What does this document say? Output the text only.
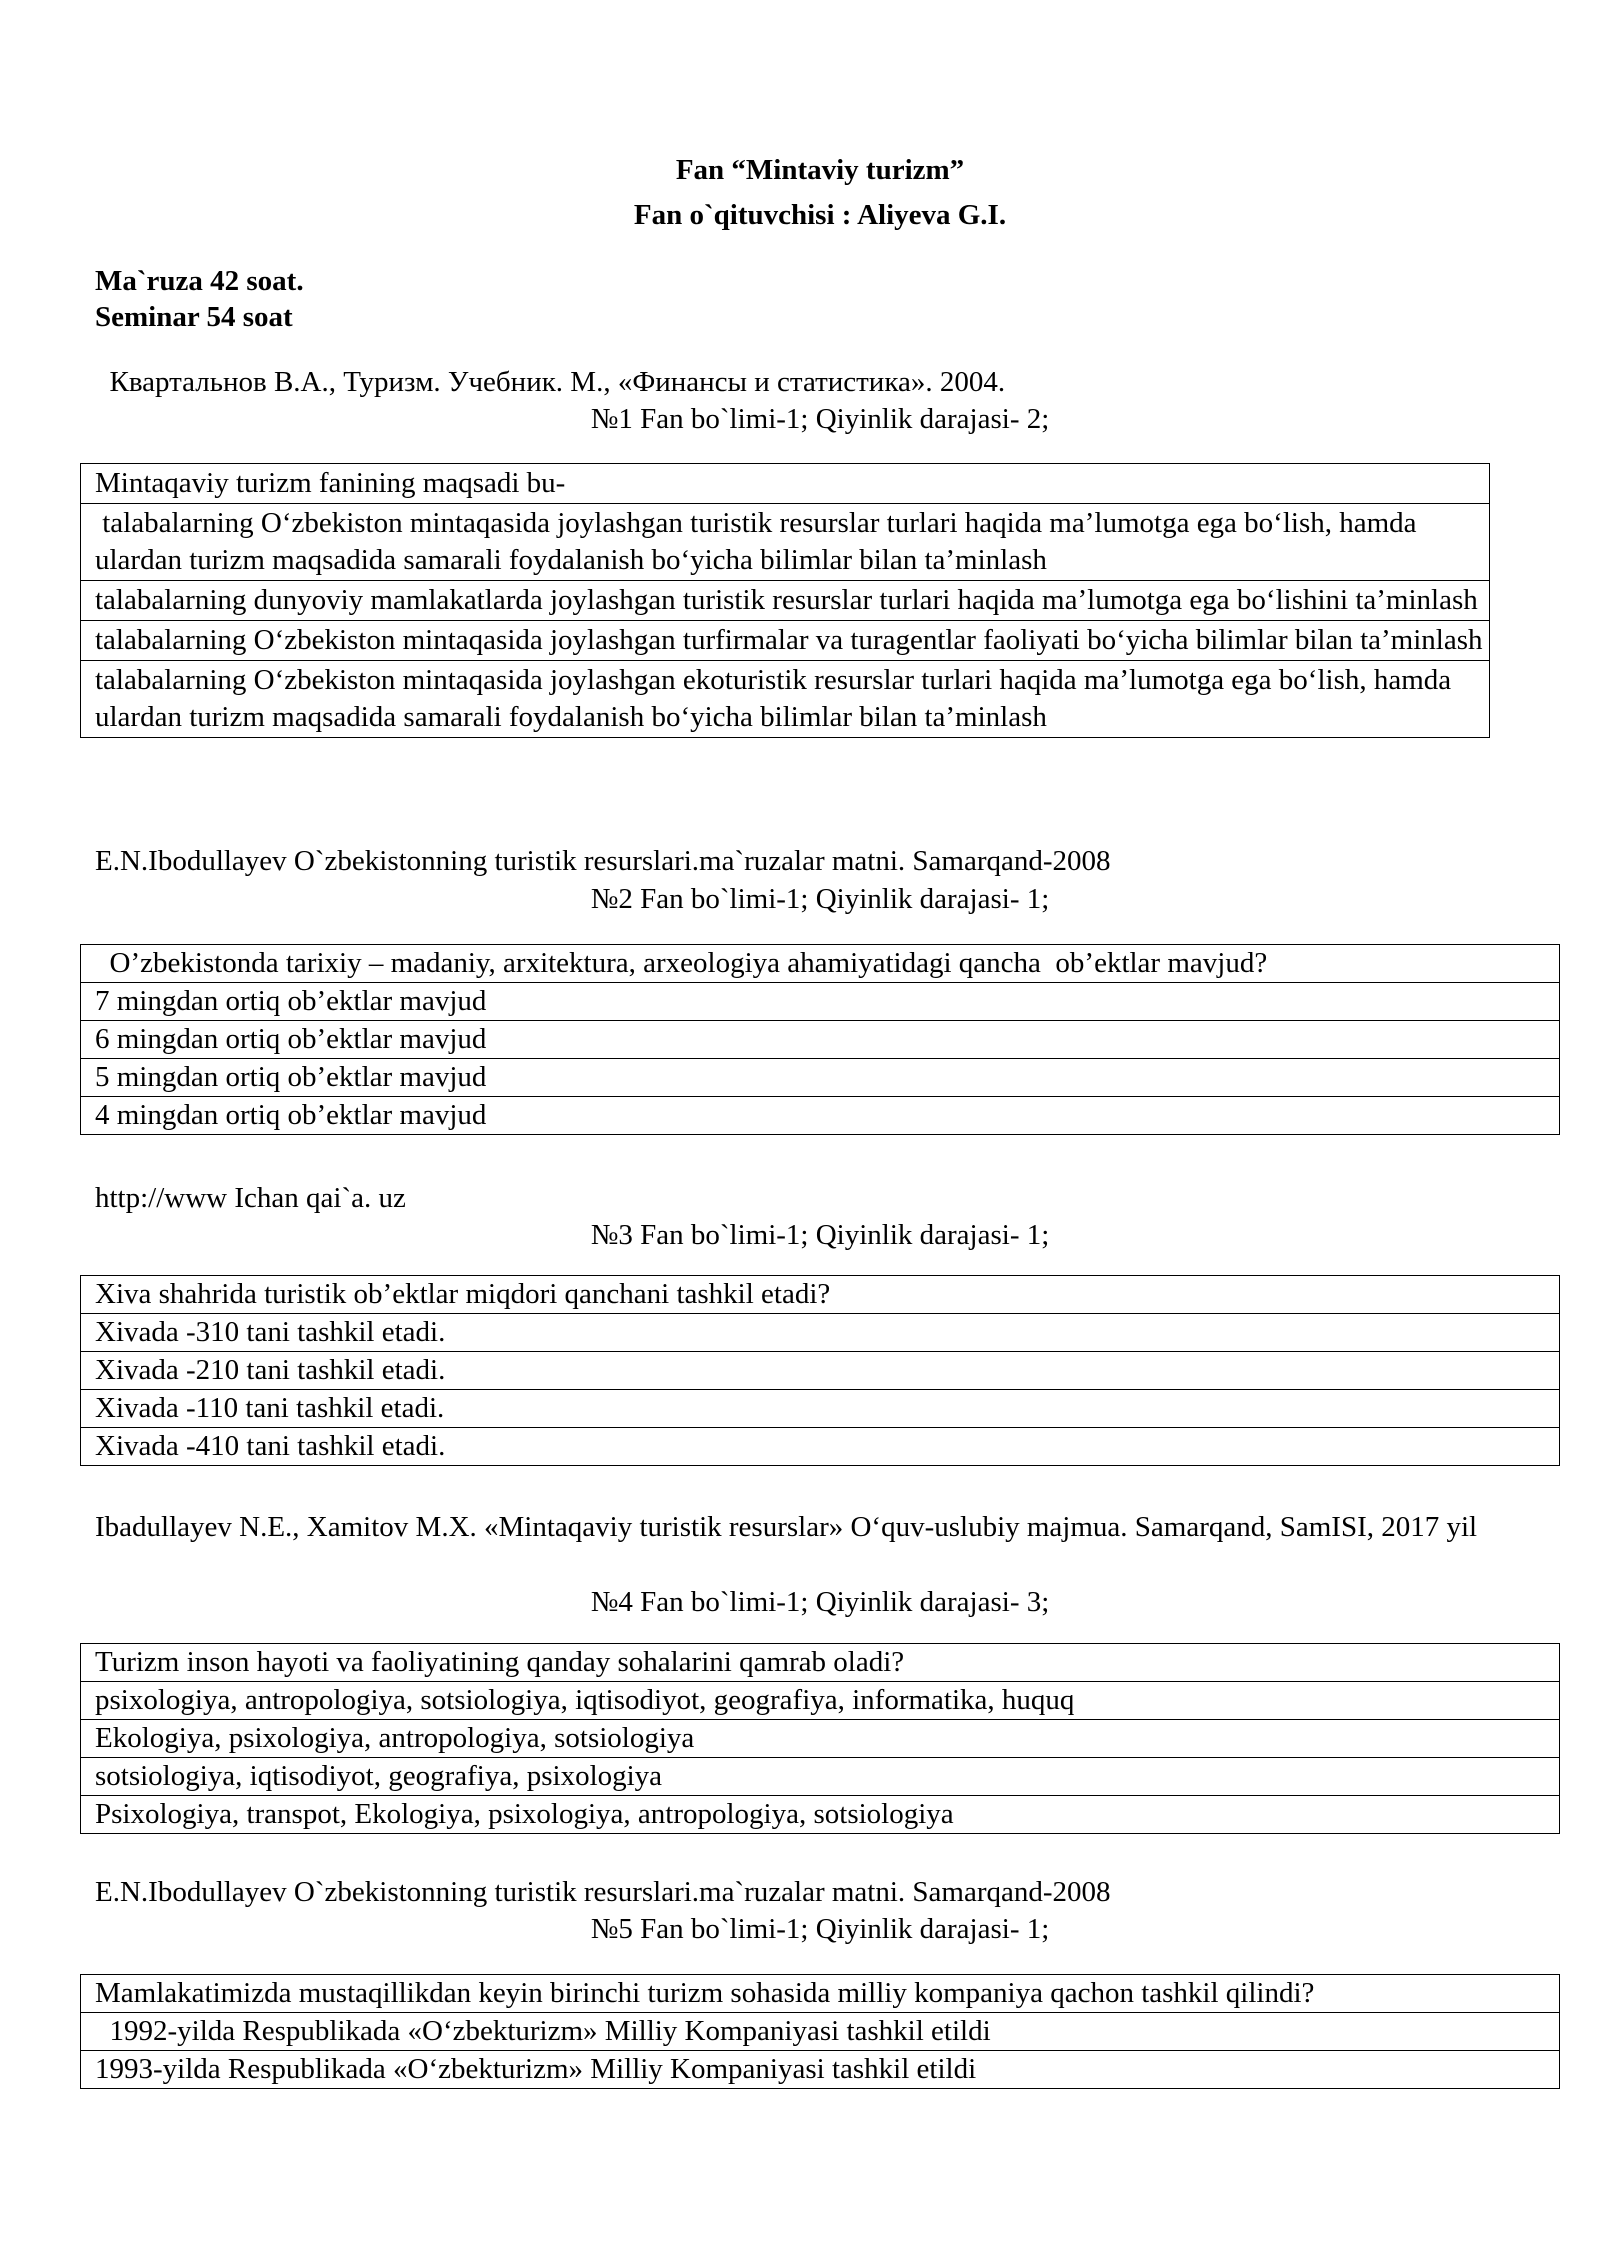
Fan “Mintaviy turizm”
Fan o`qituvchisi : Aliyeva G.I.
Ma`ruza 42 soat.
Seminar 54 soat
Квартальнов В.А., Туризм. Учебник. М., «Финансы и статистика». 2004.
№1 Fan bo`limi-1; Qiyinlik darajasi- 2;
Mintaqaviy turizm fanining maqsadi bu-
talabalarning O‘zbekiston mintaqasida joylashgan turistik resurslar turlari haqida ma’lumotga ega bo‘lish, hamda ulardan turizm maqsadida samarali foydalanish bo‘yicha bilimlar bilan ta’minlash
talabalarning dunyoviy mamlakatlarda joylashgan turistik resurslar turlari haqida ma’lumotga ega bo‘lishini ta’minlash
talabalarning O‘zbekiston mintaqasida joylashgan turfirmalar va turagentlar faoliyati bo‘yicha bilimlar bilan ta’minlash
talabalarning O‘zbekiston mintaqasida joylashgan ekoturistik resurslar turlari haqida ma’lumotga ega bo‘lish, hamda ulardan turizm maqsadida samarali foydalanish bo‘yicha bilimlar bilan ta’minlash
E.N.Ibodullayev O`zbekistonning turistik resurslari.ma`ruzalar matni. Samarqand-2008
№2 Fan bo`limi-1; Qiyinlik darajasi- 1;
O’zbekistonda tarixiy – madaniy, arxitektura, arxeologiya ahamiyatidagi qancha  ob’ektlar mavjud?
7 mingdan ortiq ob’ektlar mavjud
6 mingdan ortiq ob’ektlar mavjud
5 mingdan ortiq ob’ektlar mavjud
4 mingdan ortiq ob’ektlar mavjud
http://www Ichan qai`a. uz
№3 Fan bo`limi-1; Qiyinlik darajasi- 1;
Xiva shahrida turistik ob’ektlar miqdori qanchani tashkil etadi?
Xivada -310 tani tashkil etadi.
Xivada -210 tani tashkil etadi.
Xivada -110 tani tashkil etadi.
Xivada -410 tani tashkil etadi.
Ibadullayev N.E., Xamitov M.X. «Mintaqaviy turistik resurslar» O‘quv-uslubiy majmua. Samarqand, SamISI, 2017 yil
№4 Fan bo`limi-1; Qiyinlik darajasi- 3;
Turizm inson hayoti va faoliyatining qanday sohalarini qamrab oladi?
psixologiya, antropologiya, sotsiologiya, iqtisodiyot, geografiya, informatika, huquq
Ekologiya, psixologiya, antropologiya, sotsiologiya
sotsiologiya, iqtisodiyot, geografiya, psixologiya
Psixologiya, transpot, Ekologiya, psixologiya, antropologiya, sotsiologiya
E.N.Ibodullayev O`zbekistonning turistik resurslari.ma`ruzalar matni. Samarqand-2008
№5 Fan bo`limi-1; Qiyinlik darajasi- 1;
Mamlakatimizda mustaqillikdan keyin birinchi turizm sohasida milliy kompaniya qachon tashkil qilindi?
1992-yilda Respublikada «O‘zbekturizm» Milliy Kompaniyasi tashkil etildi
1993-yilda Respublikada «O‘zbekturizm» Milliy Kompaniyasi tashkil etildi
